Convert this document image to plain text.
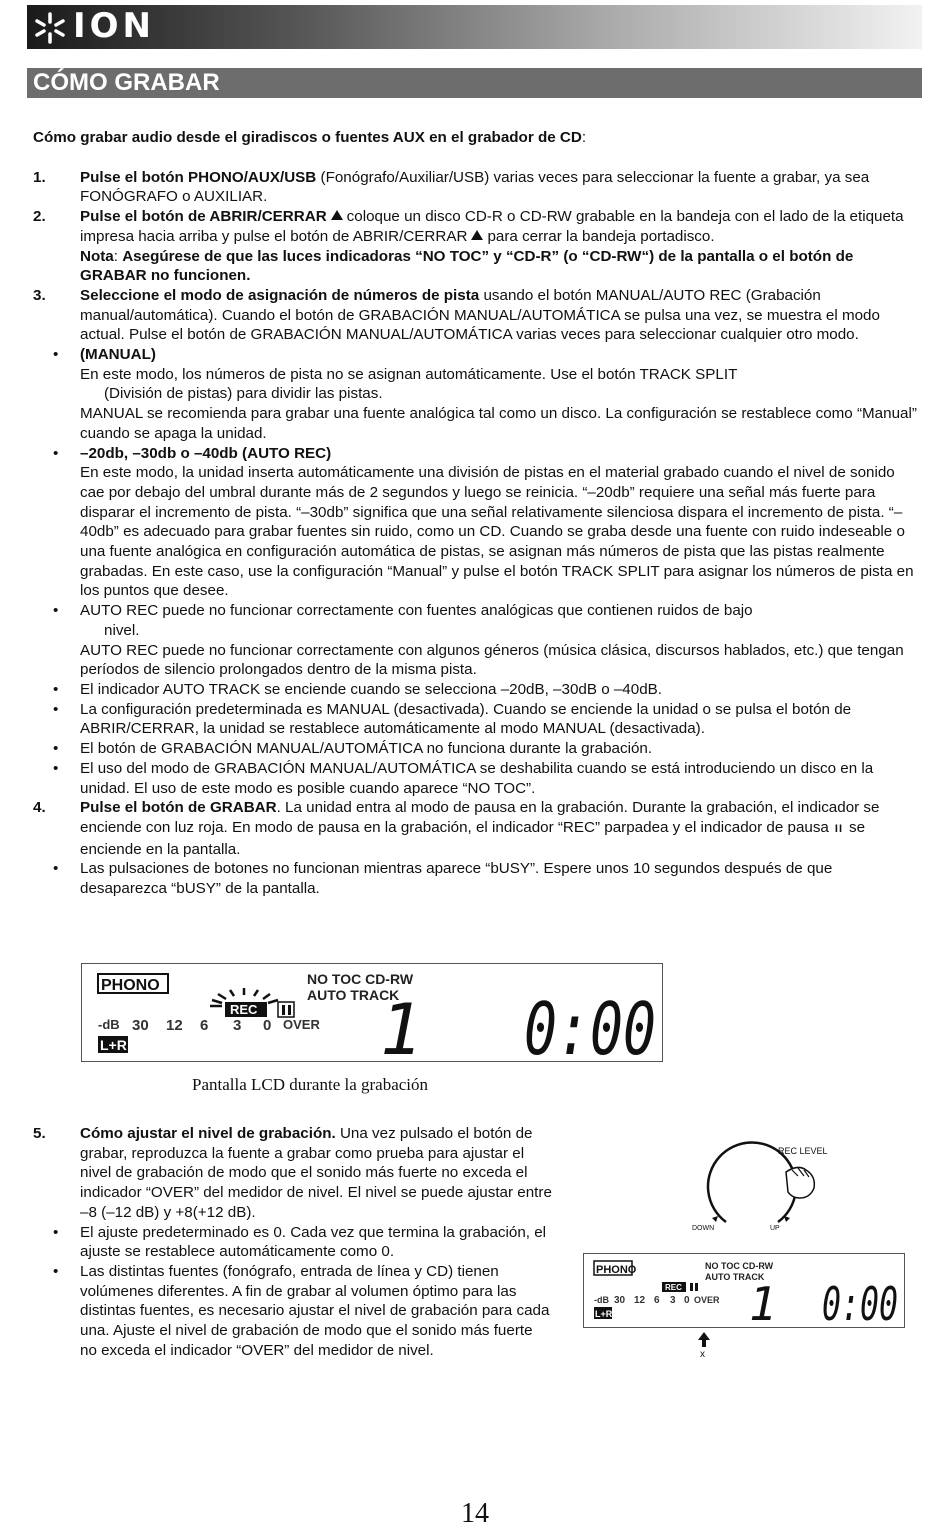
ION

CÓMO GRABAR

Cómo grabar audio desde el giradiscos o fuentes AUX en el grabador de CD:

1.	Pulse el botón PHONO/AUX/USB (Fonógrafo/Auxiliar/USB) varias veces para seleccionar la fuente a grabar, ya sea FONÓGRAFO o AUXILIAR.
2.	Pulse el botón de ABRIR/CERRAR coloque un disco CD-R o CD-RW grabable en la bandeja con el lado de la etiqueta impresa hacia arriba y pulse el botón de ABRIR/CERRAR para cerrar la bandeja portadisco.
Nota: Asegúrese de que las luces indicadoras “NO TOC” y “CD-R” (o “CD-RW“) de la pantalla o el botón de GRABAR no funcionen.
3.	Seleccione el modo de asignación de números de pista usando el botón MANUAL/AUTO REC (Grabación manual/automática). Cuando el botón de GRABACIÓN MANUAL/AUTOMÁTICA se pulsa una vez, se muestra el modo actual. Pulse el botón de GRABACIÓN MANUAL/AUTOMÁTICA varias veces para seleccionar cualquier otro modo.
• (MANUAL)
En este modo, los números de pista no se asignan automáticamente. Use el botón TRACK SPLIT
(División de pistas) para dividir las pistas.
MANUAL se recomienda para grabar una fuente analógica tal como un disco. La configuración se restablece como “Manual” cuando se apaga la unidad.
• –20db, –30db o –40db (AUTO REC)
En este modo, la unidad inserta automáticamente una división de pistas en el material grabado cuando el nivel de sonido cae por debajo del umbral durante más de 2 segundos y luego se reinicia. “–20db” requiere una señal más fuerte para disparar el incremento de pista. “–30db” significa que una señal relativamente silenciosa dispara el incremento de pista. “–40db” es adecuado para grabar fuentes sin ruido, como un CD. Cuando se graba desde una fuente con ruido indeseable o una fuente analógica en configuración automática de pistas, se asignan más números de pista que las pistas realmente grabadas. En este caso, use la configuración “Manual” y pulse el botón TRACK SPLIT para asignar los números de pista en los puntos que desee.
• AUTO REC puede no funcionar correctamente con fuentes analógicas que contienen ruidos de bajo
nivel.
AUTO REC puede no funcionar correctamente con algunos géneros (música clásica, discursos hablados, etc.) que tengan períodos de silencio prolongados dentro de la misma pista.
• El indicador AUTO TRACK se enciende cuando se selecciona –20dB, –30dB o –40dB.
• La configuración predeterminada es MANUAL (desactivada). Cuando se enciende la unidad o se pulsa el botón de ABRIR/CERRAR, la unidad se restablece automáticamente al modo MANUAL (desactivada).
• El botón de GRABACIÓN MANUAL/AUTOMÁTICA no funciona durante la grabación.
• El uso del modo de GRABACIÓN MANUAL/AUTOMÁTICA se deshabilita cuando se está introduciendo un disco en la unidad. El uso de este modo es posible cuando aparece “NO TOC”.
4.	Pulse el botón de GRABAR. La unidad entra al modo de pausa en la grabación. Durante la grabación, el indicador se enciende con luz roja. En modo de pausa en la grabación, el indicador “REC” parpadea y el indicador de pausa II se enciende en la pantalla.
• Las pulsaciones de botones no funcionan mientras aparece “bUSY”. Espere unos 10 segundos después de que desaparezca “bUSY” de la pantalla.
PHONO	NO TOC CD-RW
AUTO TRACK
REC
-dB 30 12 6 3 0 OVER
L+R	1 0:00

Pantalla LCD durante la grabación

5.	Cómo ajustar el nivel de grabación. Una vez pulsado el botón de grabar, reproduzca la fuente a grabar como prueba para ajustar el nivel de grabación de modo que el sonido más fuerte no exceda el indicador “OVER” del medidor de nivel. El nivel se puede ajustar entre –8 (–12 dB) y +8(+12 dB).
• El ajuste predeterminado es 0. Cada vez que termina la grabación, el ajuste se restablece automáticamente como 0.
• Las distintas fuentes (fonógrafo, entrada de línea y CD) tienen volúmenes diferentes. A fin de grabar al volumen óptimo para las distintas fuentes, es necesario ajustar el nivel de grabación para cada una. Ajuste el nivel de grabación de modo que el sonido más fuerte no exceda el indicador “OVER” del medidor de nivel.
REC LEVEL
DOWN	UP
PHONO	NO TOC CD-RW
AUTO TRACK
REC
-dB 30 12 6 3 0 OVER
L+R	1 0:00
x

14
